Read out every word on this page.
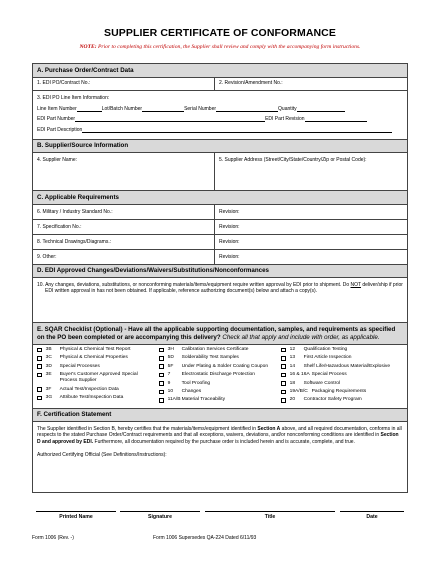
SUPPLIER CERTIFICATE OF CONFORMANCE
NOTE: Prior to completing this certification, the Supplier shall review and comply with the accompanying form instructions.
A. Purchase Order/Contract Data
1. EDI PO/Contract No.:	2. Revision/Amendment No.:
3. EDI PO Line Item Information:
Line Item Number	Lot/Batch Number	Serial Number	Quantity
EDI Part Number	EDI Part Revision
EDI Part Description
B. Supplier/Source Information
4. Supplier Name:	5. Supplier Address (Street/City/State/Country/Zip or Postal Code):
C. Applicable Requirements
6. Military / Industry Standard No.:	Revision:
7. Specification No.:	Revision:
8. Technical Drawings/Diagrams.:	Revision:
9. Other:	Revision:
D. EDI Approved Changes/Deviations/Waivers/Substitutions/Nonconformances
10. Any changes, deviations, substitutions, or nonconforming materials/items/equipment require written approval by EDI prior to shipment. Do NOT deliver/ship if prior EDI written approval in has not been obtained. If applicable, reference authorizing document(s) below and attach a copy(s).
E. SQAR Checklist (Optional) - Have all the applicable supporting documentation, samples, and requirements as specified on the PO been completed or are accompanying this delivery? Check all that apply and include with order, as applicable.
3B	Physical & Chemical Test Report
3C	Physical & Chemical Properties
3D	Special Processes
3E	Buyer's Customer Approved Special Process Supplier
3F	Actual Test/Inspection Data
3G	Attribute Test/Inspection Data
3H	Calibration Services Certificate
5D	Solderability Test Samples
5F	Under Plating & Solder Coating Coupon
7	Electrostatic Discharge Protection
9	Tool Proofing
10	Changes
11A/B Material Traceability
12	Qualification Testing
13	First Article Inspection
14	Shelf Life/Hazardous Material/Explosive
16 & 16A Special Process
18	Software Control
19A/B/C Packaging Requirements
20	Contractor Safety Program
F. Certification Statement
The Supplier identified in Section B, hereby certifies that the materials/items/equipment identified in Section A above, and all required documentation, conforms in all respects to the stated Purchase Order/Contract requirements and that all exceptions, waivers, deviations, and/or nonconforming conditions are identified in Section D and approved by EDI. Furthermore, all documentation required by the purchase order is included herein and is accurate, complete, and true.
Authorized Certifying Official (See Definitions/Instructions):
Printed Name	Signature	Title	Date
Form 1006 (Rev. -)	Form 1006 Supersedes QA-224 Dated 6/11/93
